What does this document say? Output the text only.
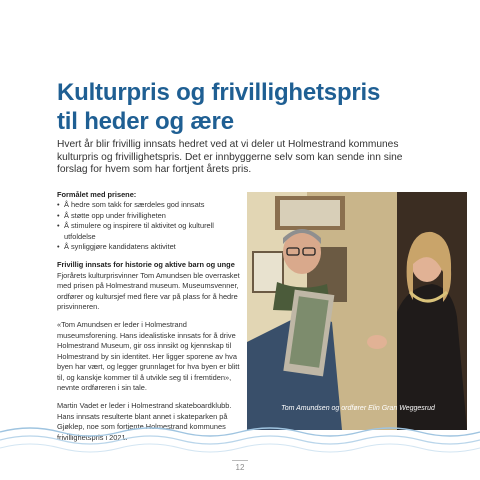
Kulturpris og frivillighetspris
til heder og ære

Hvert år blir frivillig innsats hedret ved at vi deler ut Holmestrand kommunes kulturpris og frivillighetspris. Det er innbyggerne selv som kan sende inn sine forslag for hvem som har fortjent årets pris.

Formålet med prisene:
• Å hedre som takk for særdeles god innsats
• Å støtte opp under frivilligheten
• Å stimulere og inspirere til aktivitet og kulturell utfoldelse
• Å synliggjøre kandidatens aktivitet
Frivillig innsats for historie og aktive barn og unge

Fjorårets kulturprisvinner Tom Amundsen ble overrasket med prisen på Holmestrand museum. Museumsvenner, ordfører og kultursjef med flere var på plass for å hedre prisvinneren.

«Tom Amundsen er leder i Holmestrand museumsforening. Hans idealistiske innsats for å drive Holmestrand Museum, gir oss innsikt og kjennskap til Holmestrand by sin identitet. Her ligger sporene av hva byen har vært, og legger grunnlaget for hva byen er blitt til, og kanskje kommer til å utvikle seg til i fremtiden», nevnte ordføreren i sin tale.

Martin Vadet er leder i Holmestrand skateboardklubb. Hans innsats resulterte blant annet i skateparken på Gjøklep, noe som fortjente Holmestrand kommunes frivillighetspris i 2021.

Tom Amundsen og ordfører Elin Gran Weggesrud
12
